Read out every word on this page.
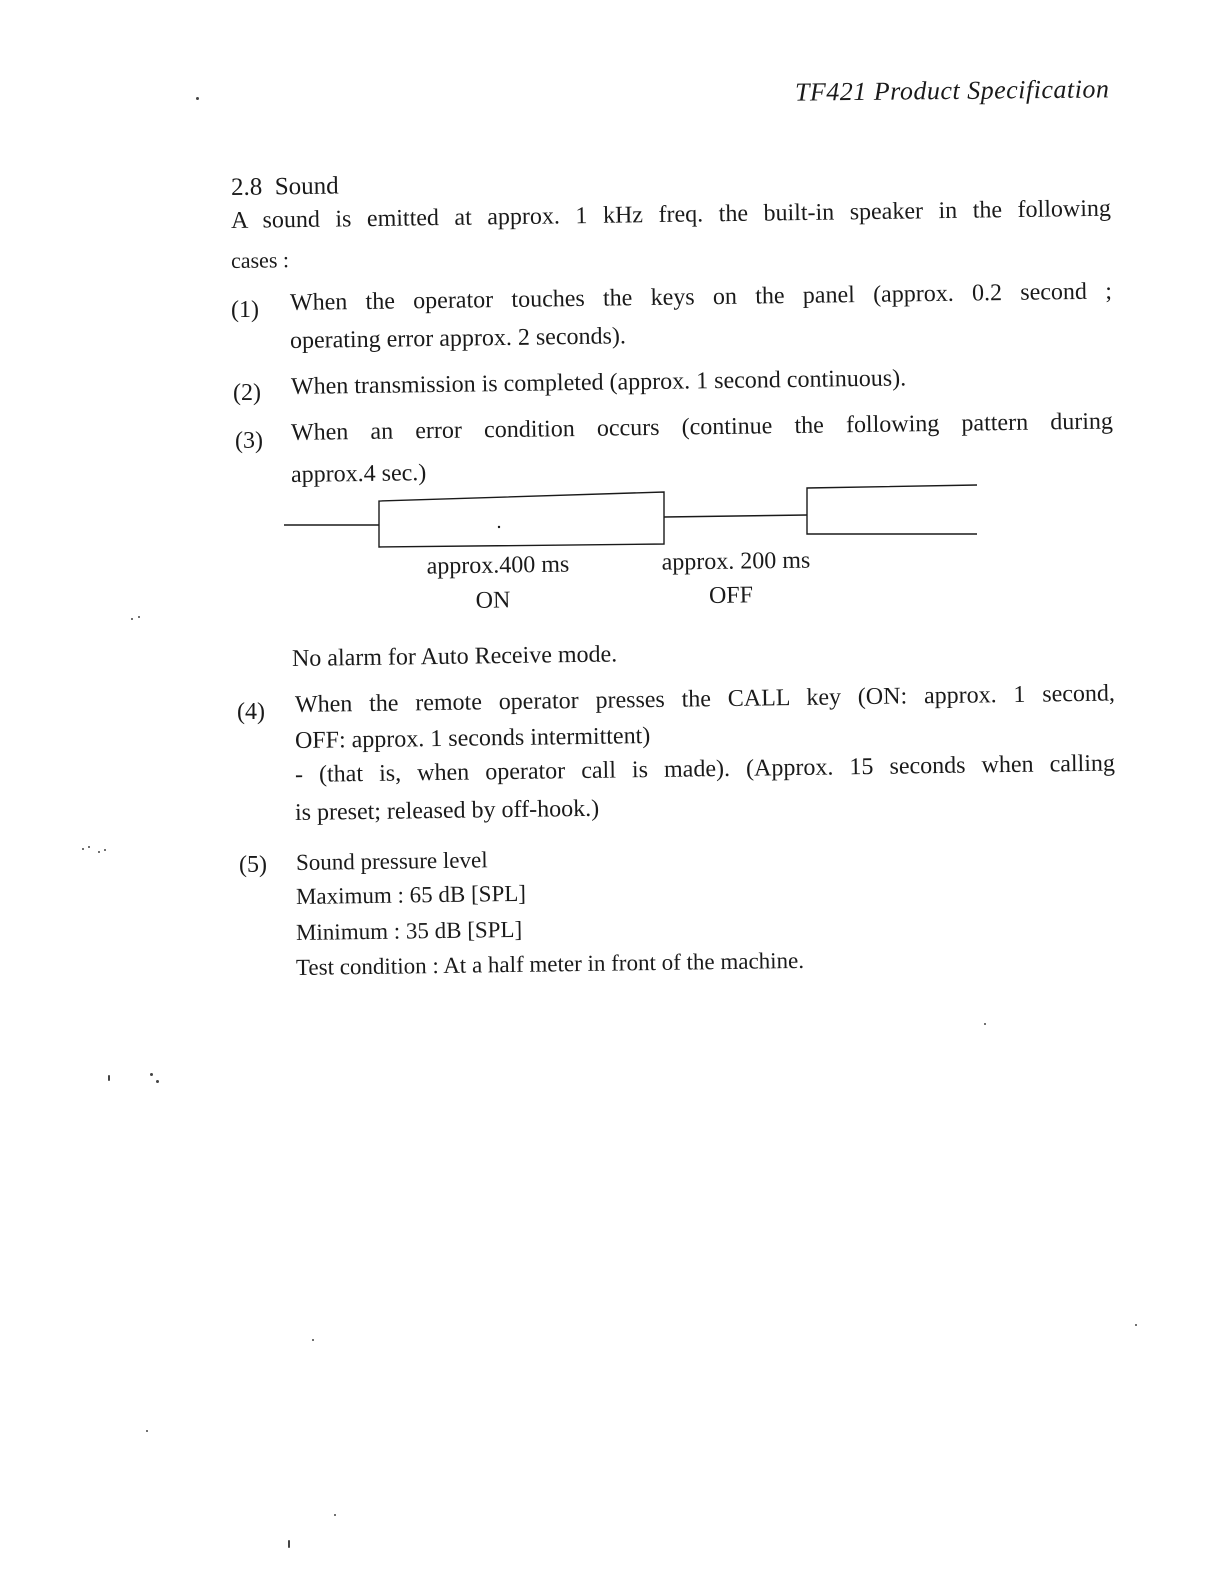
TF421 Product Specification
2.8 Sound
A sound is emitted at approx. 1 kHz freq. the built-in speaker in the following
cases :
(1) When the operator touches the keys on the panel (approx. 0.2 second ;
operating error approx. 2 seconds).
(2) When transmission is completed (approx. 1 second continuous).
(3) When an error condition occurs (continue the following pattern during
approx.4 sec.)
approx.400 ms
ON
approx. 200 ms
OFF
No alarm for Auto Receive mode.
(4) When the remote operator presses the CALL key (ON: approx. 1 second,
OFF: approx. 1 seconds intermittent)
- (that is, when operator call is made). (Approx. 15 seconds when calling
is preset; released by off-hook.)
(5) Sound pressure level
Maximum : 65 dB [SPL]
Minimum : 35 dB [SPL]
Test condition : At a half meter in front of the machine.
